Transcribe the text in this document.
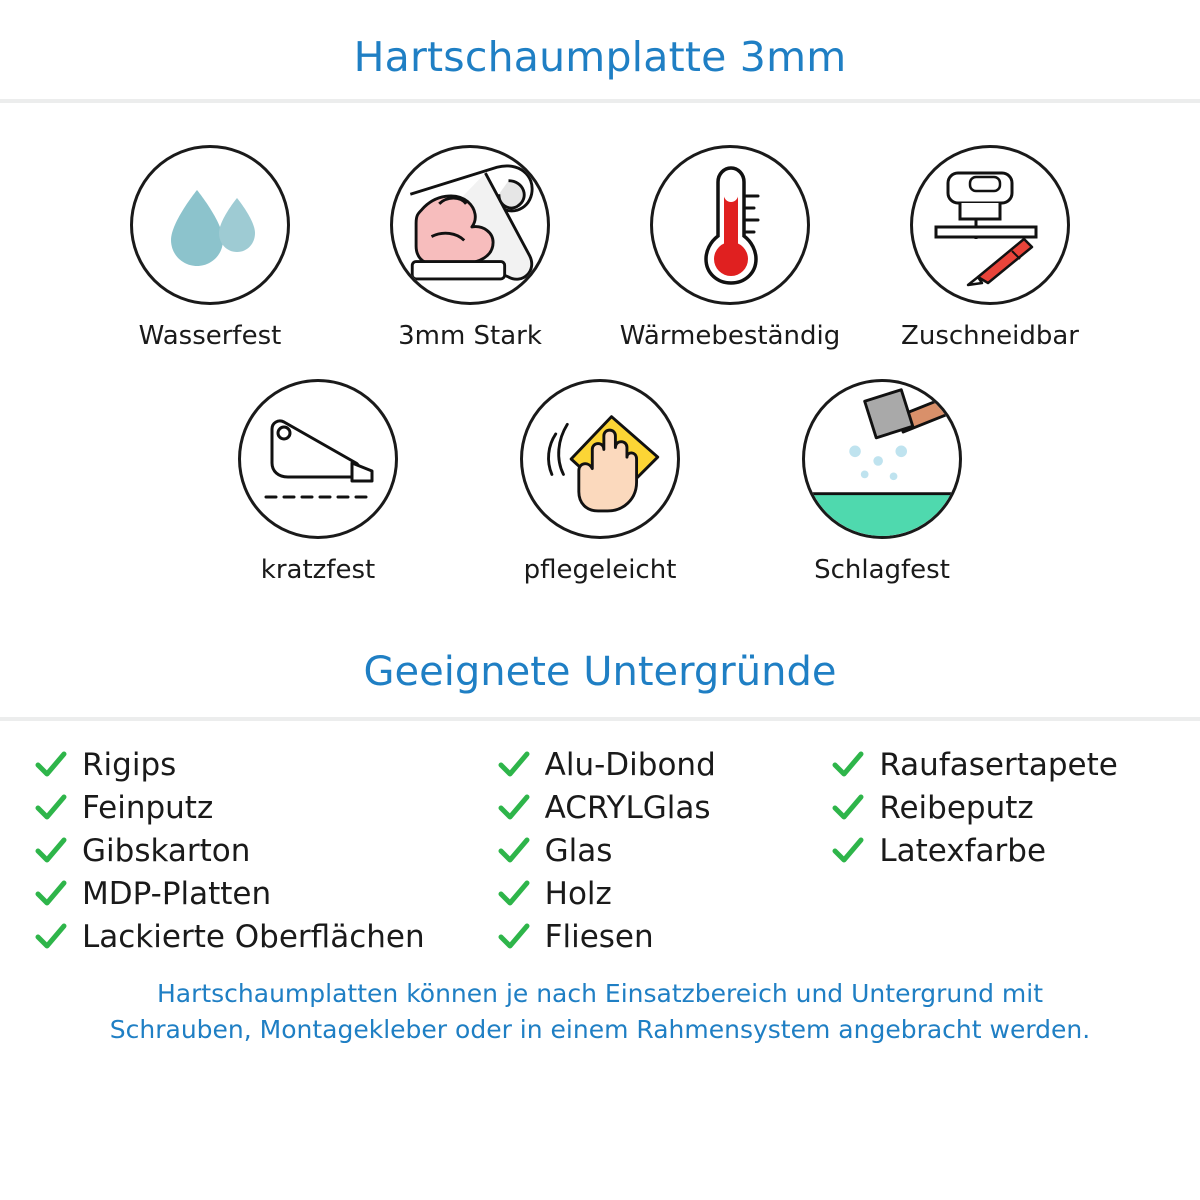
Hartschaumplatte 3mm
Wasserfest	3mm Stark	Wärmebeständig Zuschneidbar
kratzfest	pflegeleicht	Schlagfest
Geeignete Untergründe
Rigips
Feinputz
Gibskarton
MDP-Platten
Lackierte Oberflächen
Alu-Dibond
ACRYLGlas
Glas
Holz
Fliesen
Raufasertapete
Reibeputz
Latexfarbe
Hartschaumplatten können je nach Einsatzbereich und Untergrund mit
Schrauben, Montagekleber oder in einem Rahmensystem angebracht werden.
